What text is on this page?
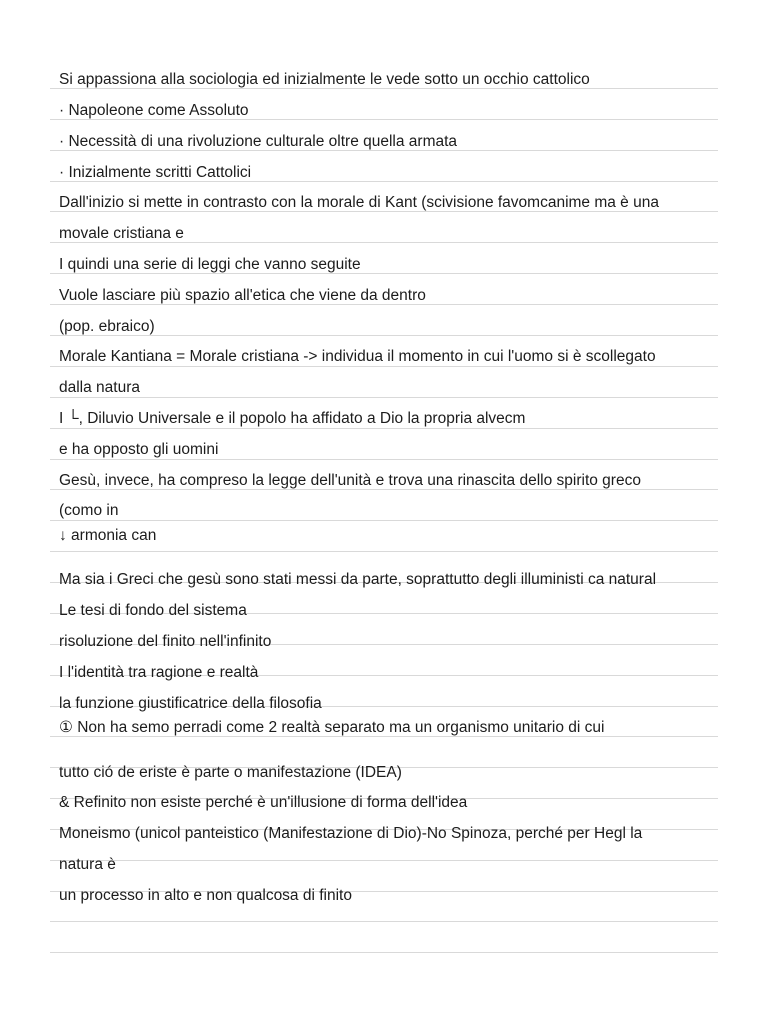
Si appassiona alla sociologia ed inizialmente le vede sotto un occhio cattolico
· Napoleone come Assoluto
· Necessità di una rivoluzione culturale oltre quella armata
· Inizialmente scritti Cattolici
Dall'inizio si mette in contrasto con la morale di Kant (scivisione favomcanime ma è una
movale cristiana e
I quindi una serie di leggi che vanno seguite
Vuole lasciare più spazio all'etica che viene da dentro
(pop. ebraico)
Morale Kantiana = Morale cristiana -> individua il momento in cui l'uomo si è scollegato
dalla natura
I └, Diluvio Universale e il popolo ha affidato a Dio la propria alvecm
e ha opposto gli uomini
Gesù, invece, ha compreso la legge dell'unità e trova una rinascita dello spirito greco
(como in
↓ armonia can
Ma sia i Greci che gesù sono stati messi da parte, soprattutto degli illuministi ca natural
Le tesi di fondo del sistema
risoluzione del finito nell'infinito
I l'identità tra ragione e realtà
la funzione giustificatrice della filosofia
① Non ha semo perradi come 2 realtà separato ma un organismo unitario di cui
tutto ció de eriste è parte o manifestazione (IDEA)
& Refinito non esiste perché è un'illusione di forma dell'idea
Moneismo (unicol panteistico (Manifestazione di Dio)-No Spinoza, perché per Hegl la
natura è
un processo in alto e non qualcosa di finito
